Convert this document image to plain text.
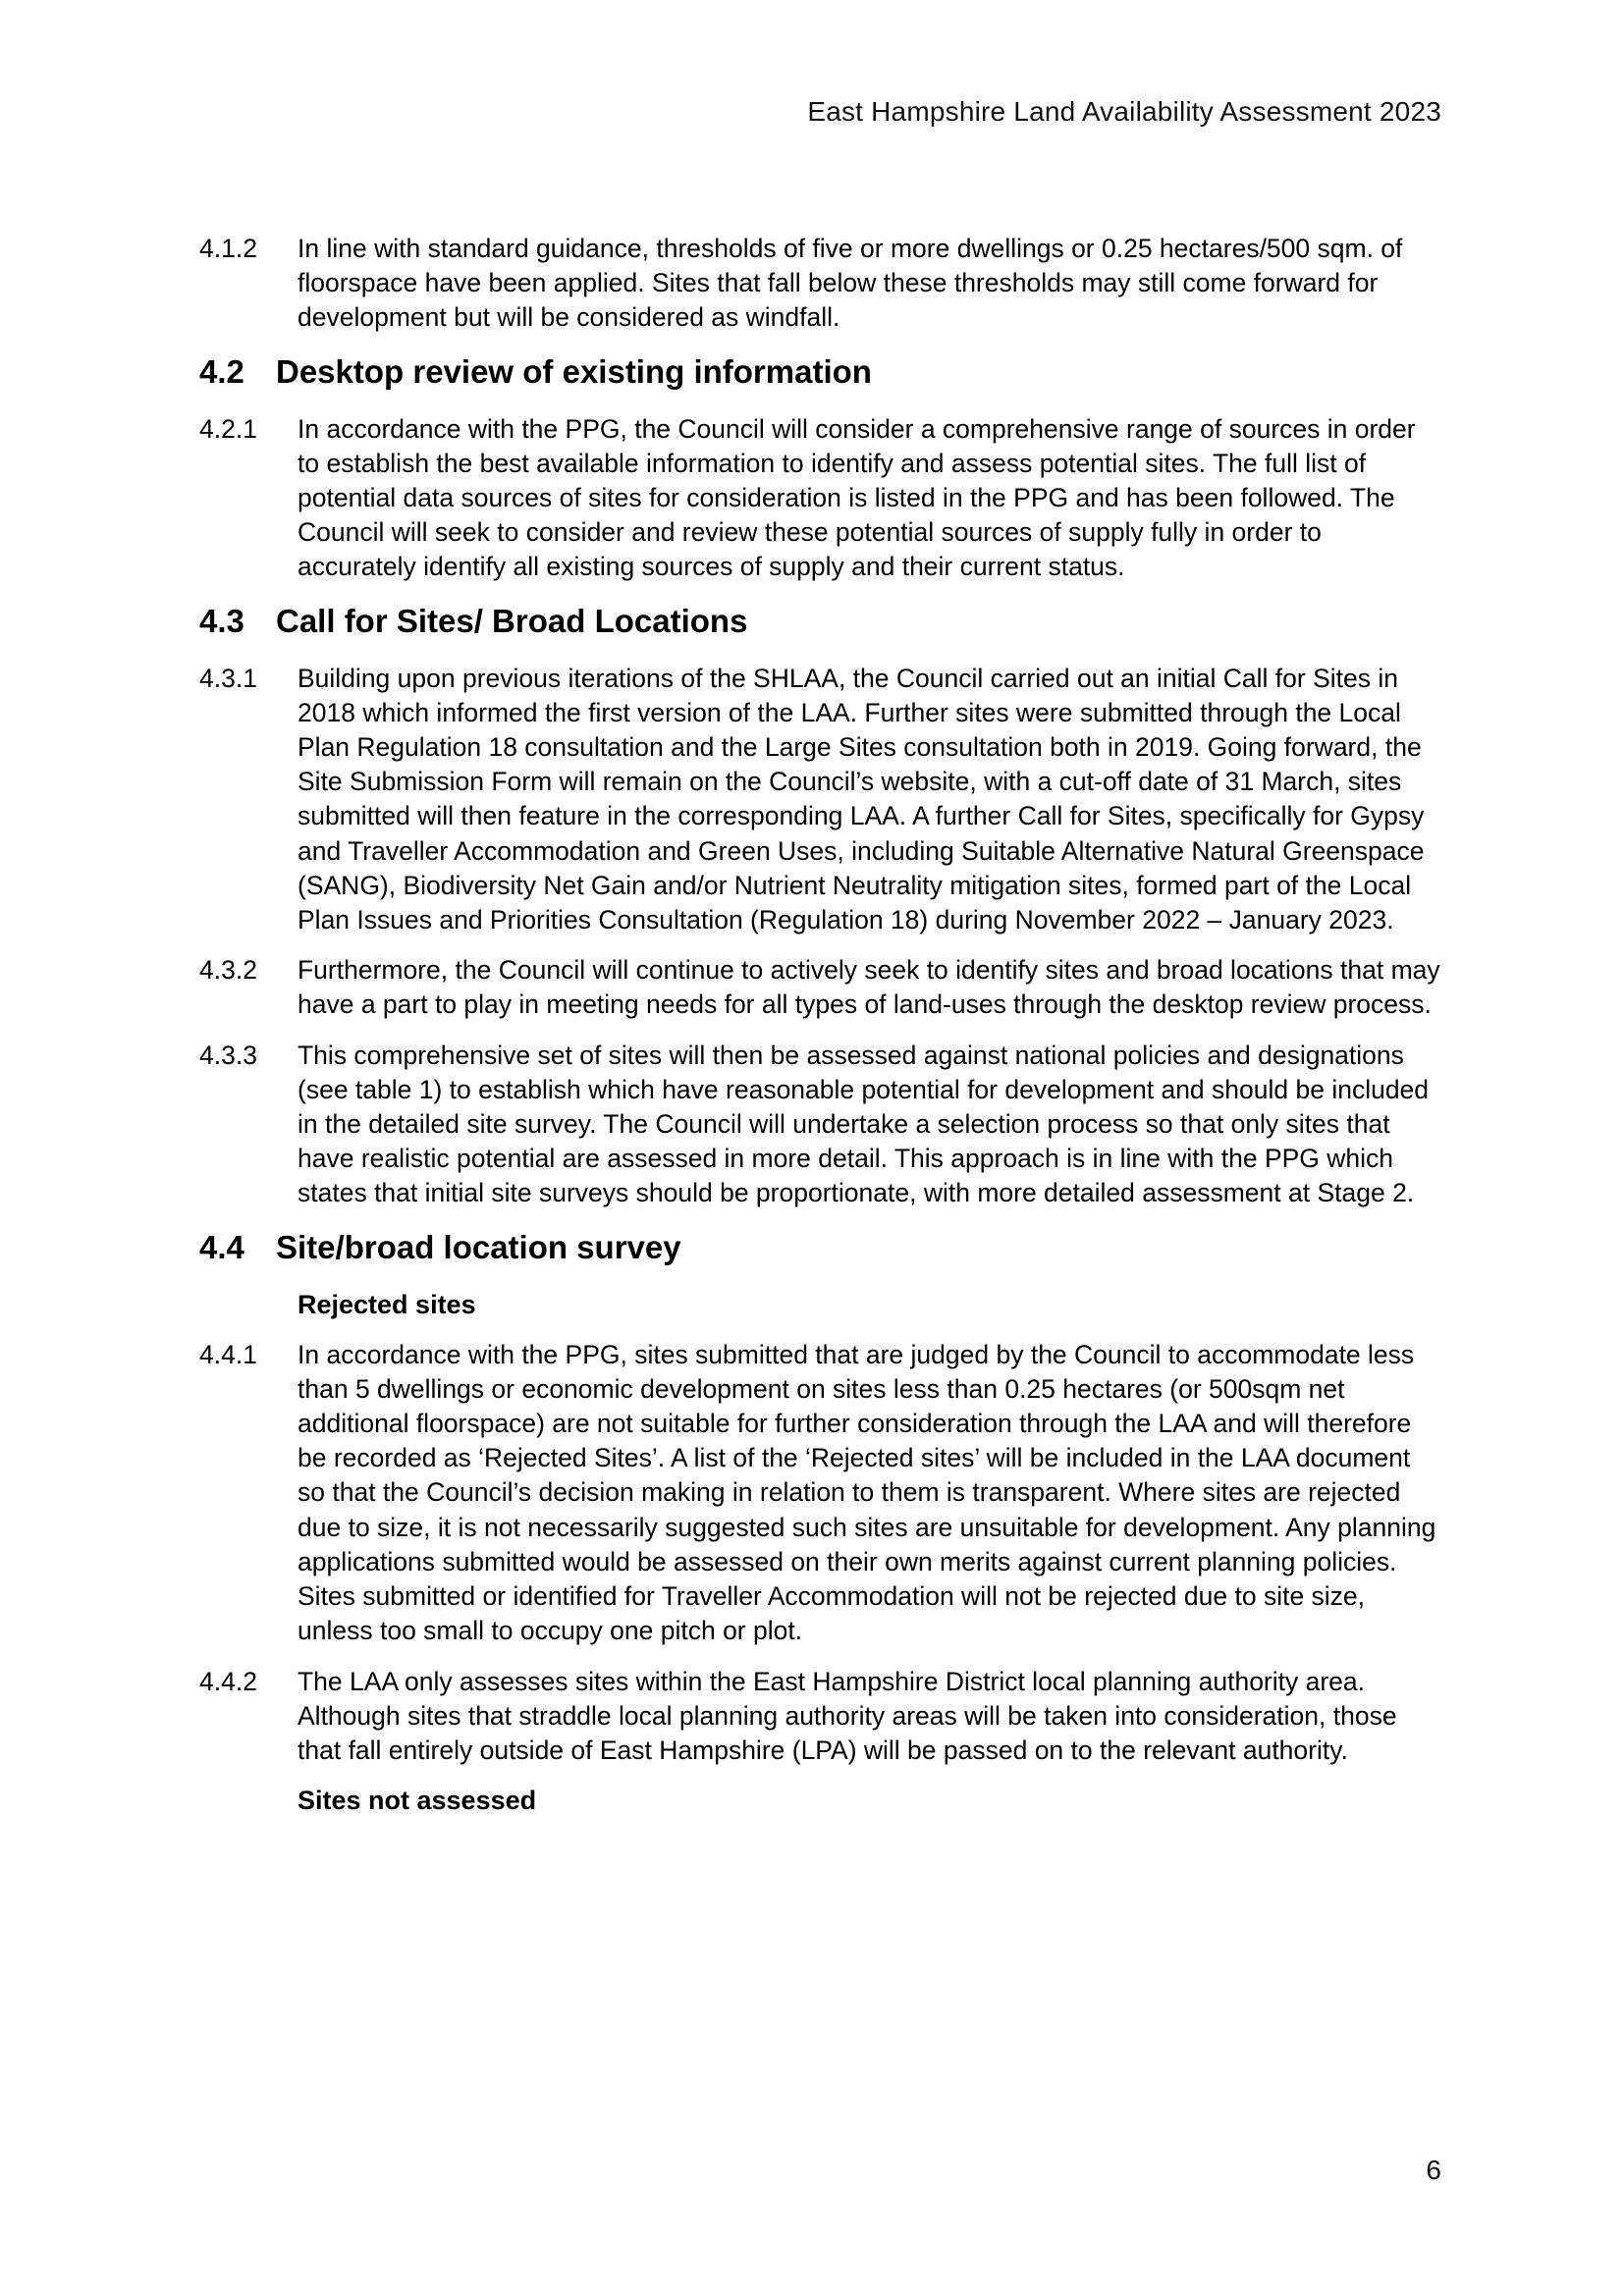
East Hampshire Land Availability Assessment 2023
4.1.2 In line with standard guidance, thresholds of five or more dwellings or 0.25 hectares/500 sqm. of floorspace have been applied. Sites that fall below these thresholds may still come forward for development but will be considered as windfall.
4.2 Desktop review of existing information
4.2.1 In accordance with the PPG, the Council will consider a comprehensive range of sources in order to establish the best available information to identify and assess potential sites. The full list of potential data sources of sites for consideration is listed in the PPG and has been followed. The Council will seek to consider and review these potential sources of supply fully in order to accurately identify all existing sources of supply and their current status.
4.3 Call for Sites/ Broad Locations
4.3.1 Building upon previous iterations of the SHLAA, the Council carried out an initial Call for Sites in 2018 which informed the first version of the LAA. Further sites were submitted through the Local Plan Regulation 18 consultation and the Large Sites consultation both in 2019. Going forward, the Site Submission Form will remain on the Council’s website, with a cut-off date of 31 March, sites submitted will then feature in the corresponding LAA. A further Call for Sites, specifically for Gypsy and Traveller Accommodation and Green Uses, including Suitable Alternative Natural Greenspace (SANG), Biodiversity Net Gain and/or Nutrient Neutrality mitigation sites, formed part of the Local Plan Issues and Priorities Consultation (Regulation 18) during November 2022 – January 2023.
4.3.2 Furthermore, the Council will continue to actively seek to identify sites and broad locations that may have a part to play in meeting needs for all types of land-uses through the desktop review process.
4.3.3 This comprehensive set of sites will then be assessed against national policies and designations (see table 1) to establish which have reasonable potential for development and should be included in the detailed site survey. The Council will undertake a selection process so that only sites that have realistic potential are assessed in more detail. This approach is in line with the PPG which states that initial site surveys should be proportionate, with more detailed assessment at Stage 2.
4.4 Site/broad location survey
Rejected sites
4.4.1 In accordance with the PPG, sites submitted that are judged by the Council to accommodate less than 5 dwellings or economic development on sites less than 0.25 hectares (or 500sqm net additional floorspace) are not suitable for further consideration through the LAA and will therefore be recorded as ‘Rejected Sites’. A list of the ‘Rejected sites’ will be included in the LAA document so that the Council’s decision making in relation to them is transparent. Where sites are rejected due to size, it is not necessarily suggested such sites are unsuitable for development. Any planning applications submitted would be assessed on their own merits against current planning policies. Sites submitted or identified for Traveller Accommodation will not be rejected due to site size, unless too small to occupy one pitch or plot.
4.4.2 The LAA only assesses sites within the East Hampshire District local planning authority area. Although sites that straddle local planning authority areas will be taken into consideration, those that fall entirely outside of East Hampshire (LPA) will be passed on to the relevant authority.
Sites not assessed
6
